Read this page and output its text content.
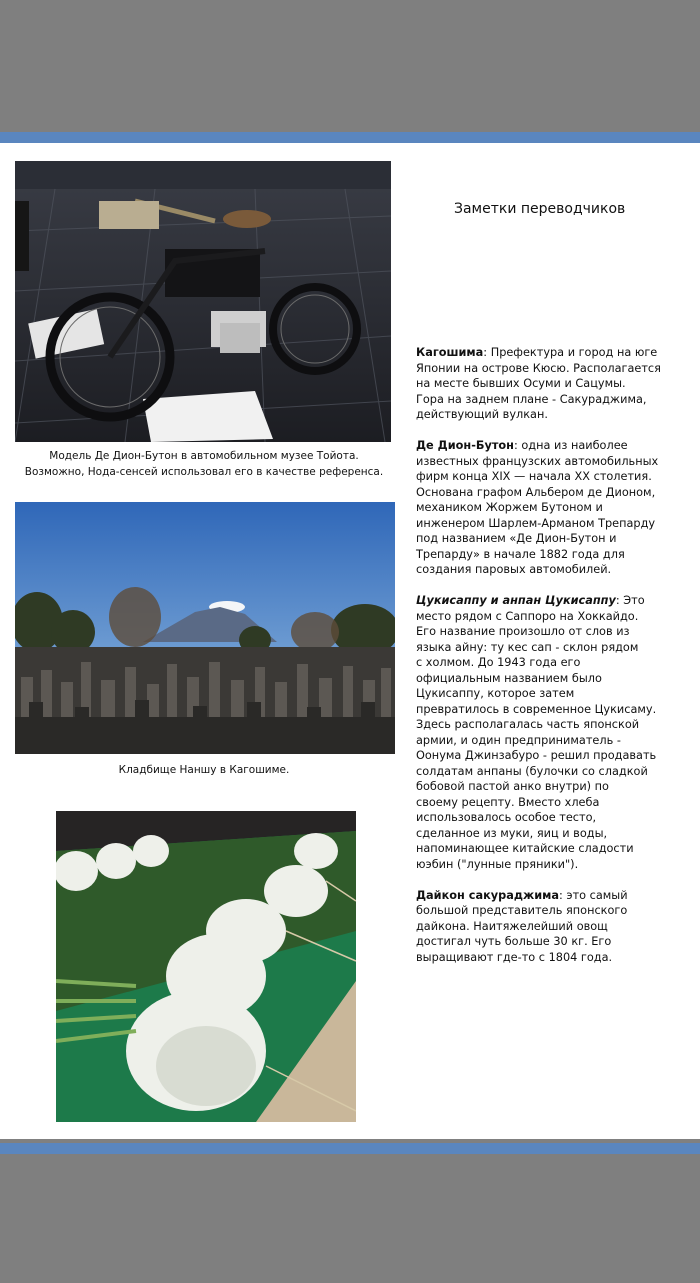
Модель Де Дион-Бутон в автомобильном музее Тойота.
Возможно, Нода-сенсей использовал его в качестве референса.
Кладбище Наншу в Кагошиме.
Заметки переводчиков
Кагошима: Префектура и город на юге
Японии на острове Кюсю. Располагается
на месте бывших Осуми и Сацумы.
Гора на заднем плане - Сакураджима,
действующий вулкан.
Де Дион-Бутон: одна из наиболее
известных французских автомобильных
фирм конца XIX — начала XX столетия.
Основана графом Альбером де Дионом,
механиком Жоржем Бутоном и
инженером Шарлем-Арманом Трепарду
под названием «Де Дион-Бутон и
Трепарду» в начале 1882 года для
создания паровых автомобилей.
Цукисаппу и анпан Цукисаппу: Это
место рядом с Саппоро на Хоккайдо.
Его название произошло от слов из
языка айну: ту кес сап - склон рядом
с холмом. До 1943 года его
официальным названием было
Цукисаппу, которое затем
превратилось в современное Цукисаму.
Здесь располагалась часть японской
армии, и один предприниматель -
Оонума Джинзабуро - решил продавать
солдатам анпаны (булочки со сладкой
бобовой пастой анко внутри) по
своему рецепту. Вместо хлеба
использовалось особое тесто,
сделанное из муки, яиц и воды,
напоминающее китайские сладости
юэбин ("лунные пряники").
Дайкон сакураджима: это самый
большой представитель японского
дайкона. Наитяжелейший овощ
достигал чуть больше 30 кг. Его
выращивают где-то с 1804 года.
